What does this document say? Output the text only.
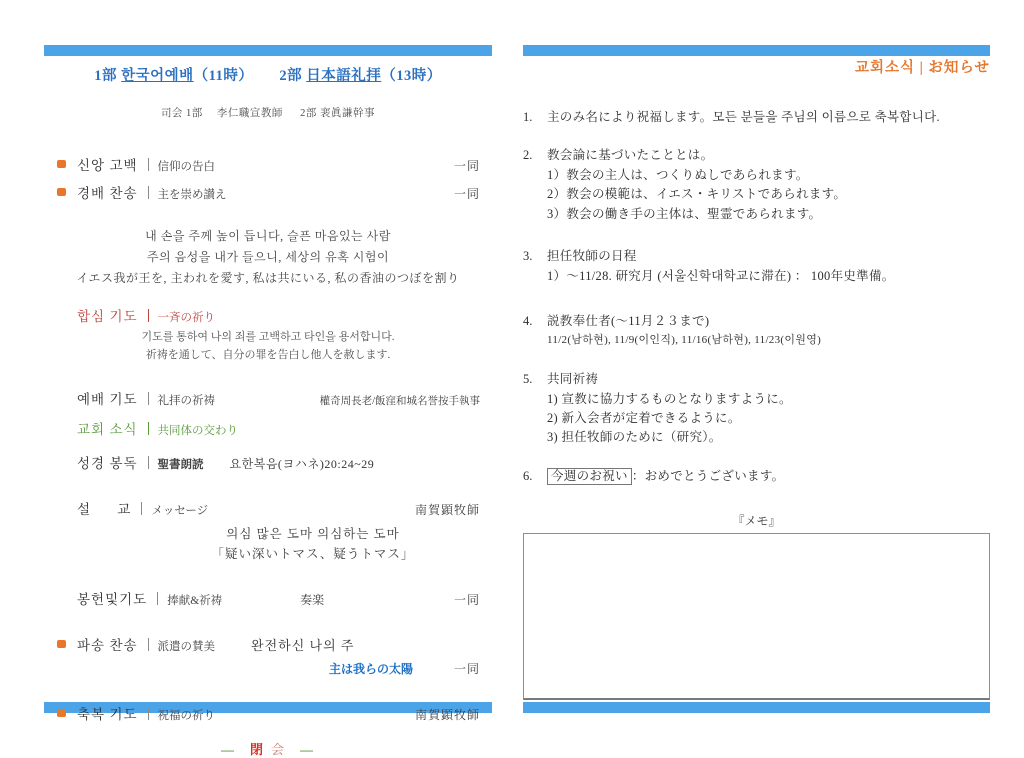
1部 한국어예배（11時） 2部 日本語礼拝（13時）
司会 1部　 李仁職宣教師 　 2部 裵眞謙幹事
신앙 고백 信仰の告白	一同
경배 찬송 主を崇め讃え	一同
내 손을 주께 높이 듭니다, 슬픈 마음있는 사람
주의 음성을 내가 들으니, 세상의 유혹 시험이
イエス我が王を, 主われを愛す, 私は共にいる, 私の香油のつぼを割り
합심 기도 一斉の祈り
기도를 통하여 나의 죄를 고백하고 타인을 용서합니다.
祈祷を通して、自分の罪を告白し他人を赦します.
예배 기도 礼拝の祈祷	權奇周長老/飯窪和城名誉按手執事
교회 소식 共同体の交わり
성경 봉독 聖書朗読 요한복음(ヨハネ)20:24~29
설      교 メッセージ	南賀顕牧師
의심 많은 도마 의심하는 도마
「疑い深いトマス、疑うトマス」
봉헌및기도 捧献&祈祷	奏楽	一同
파송 찬송 派遣の賛美	완전하신 나의 주
主は我らの太陽	一同
축복 기도 祝福の祈り	南賀顕牧師
— 閉 会 —
교회소식 | お知らせ
1.	主のみ名により祝福します。모든 분들을 주님의 이름으로 축복합니다.
2.	教会論に基づいたこととは。
1）教会の主人は、つくりぬしであられます。
2）教会の模範は、イエス・キリストであられます。
3）教会の働き手の主体は、聖霊であられます。
3.	担任牧師の日程
1）～11/28. 研究月 (서울신학대학교に滞在) ： 100年史準備。
4.	説教奉仕者(～11月２３まで)
11/2(남하현), 11/9(이인직), 11/16(남하현), 11/23(이원영)
5.	共同祈祷
1) 宣教に協力するものとなりますように。
2) 新入会者が定着できるように。
3) 担任牧師のために（研究）。
6.	今週のお祝い ：おめでとうございます。
『メモ』
